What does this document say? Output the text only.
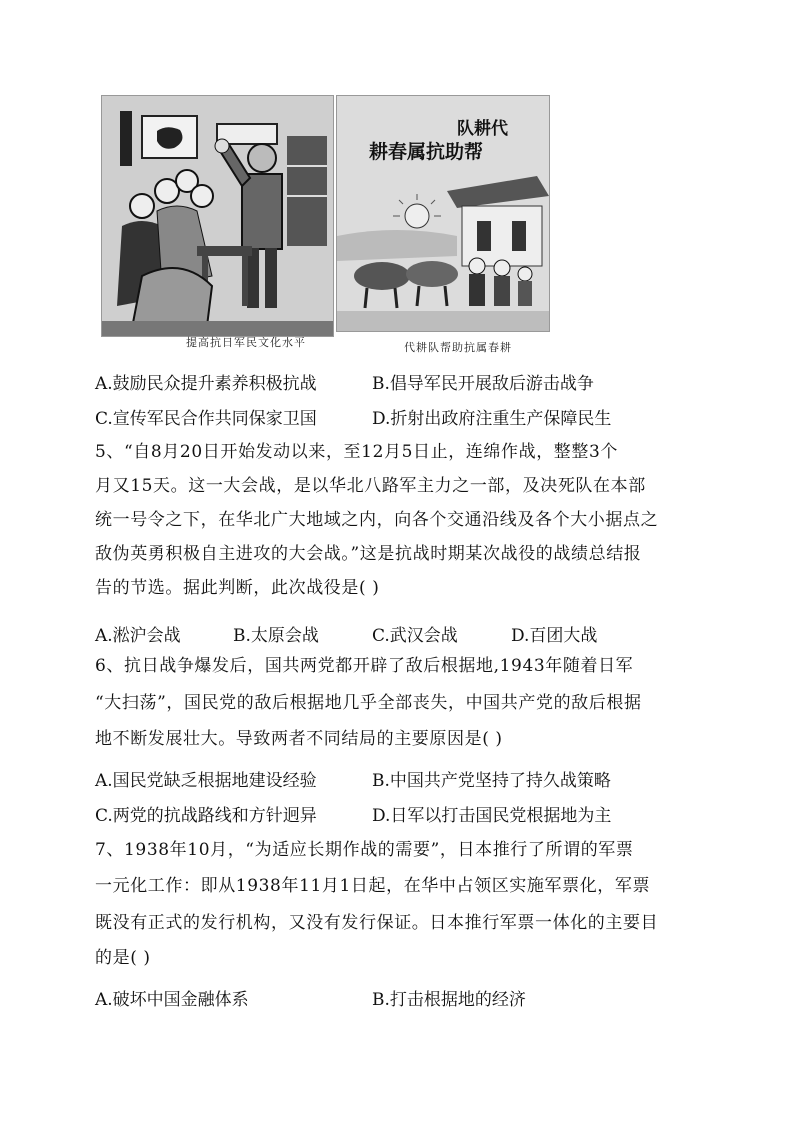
提高抗日军民文化水平
队耕代
耕春属抗助帮
代耕队帮助抗属春耕
A.鼓励民众提升素养积极抗战	B.倡导军民开展敌后游击战争
C.宣传军民合作共同保家卫国	D.折射出政府注重生产保障民生
5、“自8月20日开始发动以来，至12月5日止，连绵作战，整整3个
月又15天。这一大会战，是以华北八路军主力之一部，及决死队在本部
统一号令之下，在华北广大地域之内，向各个交通沿线及各个大小据点之
敌伪英勇积极自主进攻的大会战。”这是抗战时期某次战役的战绩总结报
告的节选。据此判断，此次战役是( )
A.淞沪会战	B.太原会战	C.武汉会战	D.百团大战
6、抗日战争爆发后，国共两党都开辟了敌后根据地,1943年随着日军
“大扫荡”，国民党的敌后根据地几乎全部丧失，中国共产党的敌后根据
地不断发展壮大。导致两者不同结局的主要原因是( )
A.国民党缺乏根据地建设经验	B.中国共产党坚持了持久战策略
C.两党的抗战路线和方针迥异	D.日军以打击国民党根据地为主
7、1938年10月，“为适应长期作战的需要”，日本推行了所谓的军票
一元化工作：即从1938年11月1日起，在华中占领区实施军票化，军票
既没有正式的发行机构，又没有发行保证。日本推行军票一体化的主要目
的是( )
A.破坏中国金融体系	B.打击根据地的经济
